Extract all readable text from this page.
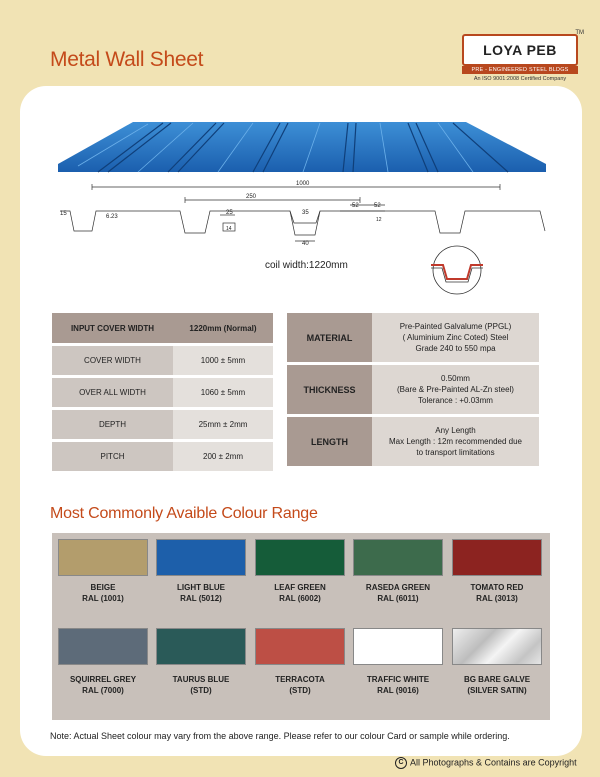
Metal Wall Sheet	LOYA PEB
TM
PRE - ENGINEERED STEEL BLDGS
An ISO 9001:2008 Certified Company
1000
250
15	6.23
25
14
35
40
52	52
12
coil width:1220mm
INPUT COVER WIDTH	1220mm (Normal)
COVER WIDTH	1000 ± 5mm
OVER ALL WIDTH	1060 ± 5mm
DEPTH	25mm ± 2mm
PITCH	200 ± 2mm
MATERIAL	Pre-Painted Galvalume (PPGL)
( Aluminium Zinc Coted) Steel
Grade 240 to 550 mpa

THICKNESS	0.50mm
(Bare & Pre-Painted AL-Zn steel)
Tolerance : +0.03mm

LENGTH	Any Length
Max Length : 12m recommended due
to transport limitations
Most Commonly Avaible Colour Range
BEIGE
RAL (1001)
LIGHT BLUE
RAL (5012)
LEAF GREEN
RAL (6002)
RASEDA GREEN
RAL (6011)
TOMATO RED
RAL (3013)
SQUIRREL GREY
RAL (7000)
TAURUS BLUE
(STD)
TERRACOTA
(STD)
TRAFFIC WHITE
RAL (9016)
BG BARE GALVE
(SILVER SATIN)
Note: Actual Sheet colour may vary from the above range. Please refer to our colour Card or sample while ordering.
C All Photographs & Contains are Copyright
